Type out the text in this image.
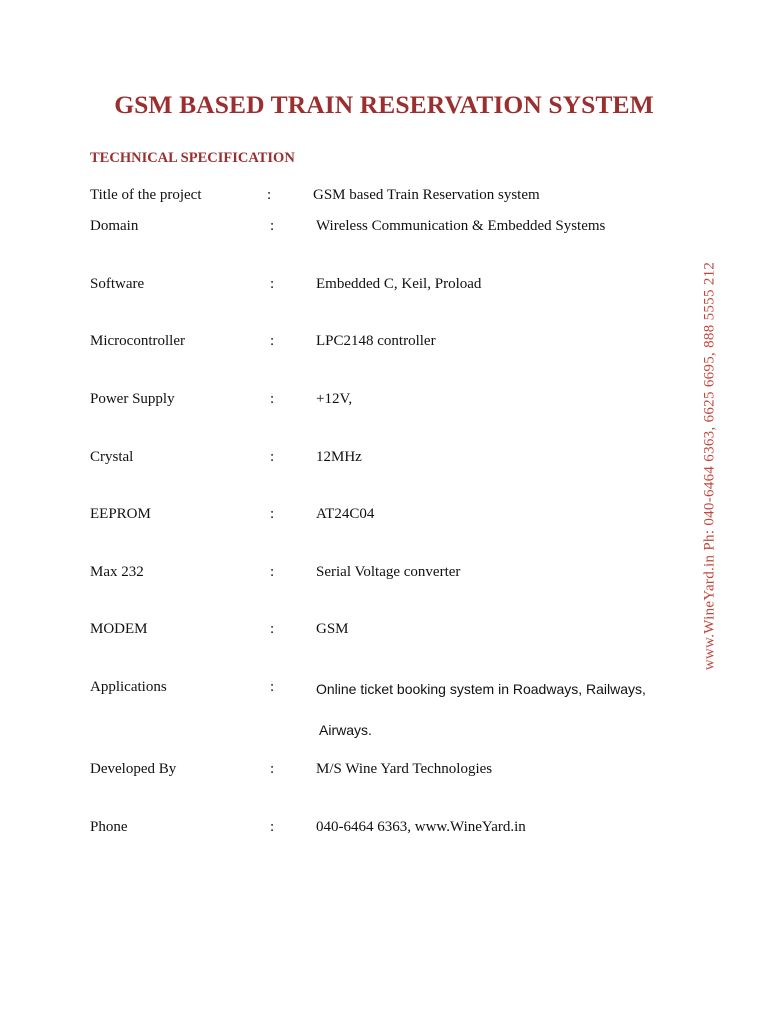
GSM BASED TRAIN RESERVATION SYSTEM
TECHNICAL SPECIFICATION
Title of the project	:	GSM based Train Reservation system
Domain	:	Wireless Communication & Embedded Systems
Software	:	Embedded C, Keil, Proload
Microcontroller	:	LPC2148 controller
Power Supply	:	+12V,
Crystal	:	12MHz
EEPROM	:	AT24C04
Max 232	:	Serial Voltage converter
MODEM	:	GSM
Applications	:	Online ticket booking system in Roadways, Railways,
Airways.
Developed By	:	M/S Wine Yard Technologies
Phone	:	040-6464 6363, www.WineYard.in
www.WineYard.in Ph: 040-6464 6363, 6625 6695, 888 5555 212
